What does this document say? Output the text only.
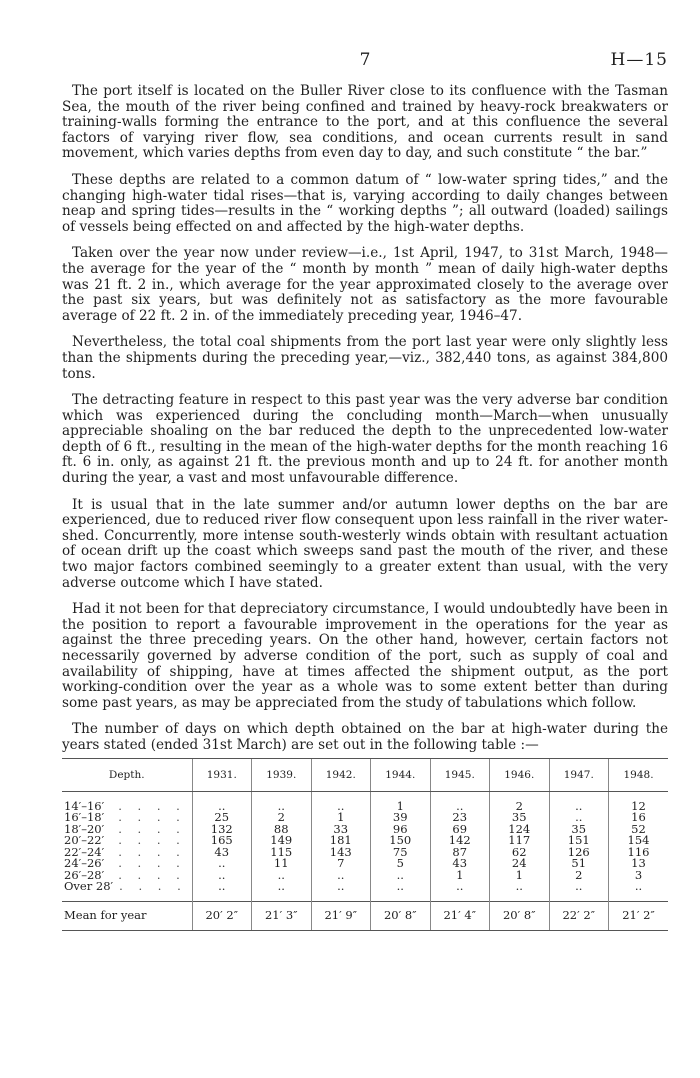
7	H—15

The port itself is located on the Buller River close to its confluence with the Tasman Sea, the mouth of the river being confined and trained by heavy-rock breakwaters or training-walls forming the entrance to the port, and at this confluence the several factors of varying river flow, sea conditions, and ocean currents result in sand movement, which varies depths from even day to day, and such constitute “ the bar.”

These depths are related to a common datum of “ low-water spring tides,” and the changing high-water tidal rises—that is, varying according to daily changes between neap and spring tides—results in the “ working depths ”; all outward (loaded) sailings of vessels being effected on and affected by the high-water depths.

Taken over the year now under review—i.e., 1st April, 1947, to 31st March, 1948— the average for the year of the “ month by month ” mean of daily high-water depths was 21 ft. 2 in., which average for the year approximated closely to the average over the past six years, but was definitely not as satisfactory as the more favourable average of 22 ft. 2 in. of the immediately preceding year, 1946–47.

Nevertheless, the total coal shipments from the port last year were only slightly less than the shipments during the preceding year,—viz., 382,440 tons, as against 384,800 tons.

The detracting feature in respect to this past year was the very adverse bar condition which was experienced during the concluding month—March—when unusually appreciable shoaling on the bar reduced the depth to the unprecedented low-water depth of 6 ft., resulting in the mean of the high-water depths for the month reaching 16 ft. 6 in. only, as against 21 ft. the previous month and up to 24 ft. for another month during the year, a vast and most unfavourable difference.

It is usual that in the late summer and/or autumn lower depths on the bar are experienced, due to reduced river flow consequent upon less rainfall in the river water-shed. Concurrently, more intense south-westerly winds obtain with resultant actuation of ocean drift up the coast which sweeps sand past the mouth of the river, and these two major factors combined seemingly to a greater extent than usual, with the very adverse outcome which I have stated.

Had it not been for that depreciatory circumstance, I would undoubtedly have been in the position to report a favourable improvement in the operations for the year as against the three preceding years. On the other hand, however, certain factors not necessarily governed by adverse condition of the port, such as supply of coal and availability of shipping, have at times affected the shipment output, as the port working-condition over the year as a whole was to some extent better than during some past years, as may be appreciated from the study of tabulations which follow.

The number of days on which depth obtained on the bar at high-water during the years stated (ended 31st March) are set out in the following table :—

Depth.	1931.	1939.	1942.	1944.	1945.	1946.	1947.	1948.
14′–16′ . . . .	..	..	..	1	..	2	..	12
16′–18′ . . . .	25	2	1	39	23	35	..	16
18′–20′ . . . .	132	88	33	96	69	124	35	52
20′–22′ . . . .	165	149	181	150	142	117	151	154
22′–24′ . . . .	43	115	143	75	87	62	126	116
24′–26′ . . . .	..	11	7	5	43	24	51	13
26′–28′ . . . .	..	..	..	..	1	1	2	3
Over 28′ . . . .	..	..	..	..	..	..	..	..
Mean for year	20′ 2″	21′ 3″	21′ 9″	20′ 8″	21′ 4″	20′ 8″	22′ 2″	21′ 2″
